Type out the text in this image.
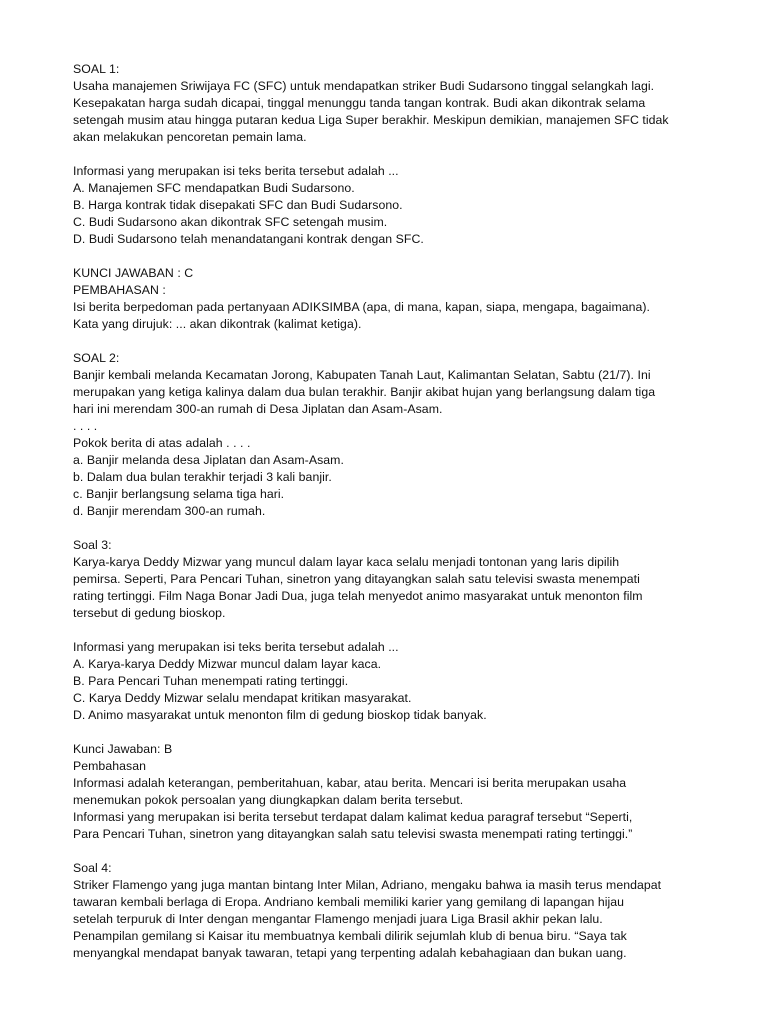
SOAL 1:
Usaha manajemen Sriwijaya FC (SFC) untuk mendapatkan striker Budi Sudarsono tinggal selangkah lagi.
Kesepakatan harga sudah dicapai, tinggal menunggu tanda tangan kontrak. Budi akan dikontrak selama
setengah musim atau hingga putaran kedua Liga Super berakhir. Meskipun demikian, manajemen SFC tidak
akan melakukan pencoretan pemain lama.
Informasi yang merupakan isi teks berita tersebut adalah ...
A. Manajemen SFC mendapatkan Budi Sudarsono.
B. Harga kontrak tidak disepakati SFC dan Budi Sudarsono.
C. Budi Sudarsono akan dikontrak SFC setengah musim.
D. Budi Sudarsono telah menandatangani kontrak dengan SFC.
KUNCI JAWABAN : C
PEMBAHASAN :
Isi berita berpedoman pada pertanyaan ADIKSIMBA (apa, di mana, kapan, siapa, mengapa, bagaimana).
Kata yang dirujuk: ... akan dikontrak (kalimat ketiga).
SOAL 2:
Banjir kembali melanda Kecamatan Jorong, Kabupaten Tanah Laut, Kalimantan Selatan, Sabtu (21/7). Ini
merupakan yang ketiga kalinya dalam dua bulan terakhir. Banjir akibat hujan yang berlangsung dalam tiga
hari ini merendam 300-an rumah di Desa Jiplatan dan Asam-Asam.
. . . .
Pokok berita di atas adalah . . . .
a. Banjir melanda desa Jiplatan dan Asam-Asam.
b. Dalam dua bulan terakhir terjadi 3 kali banjir.
c. Banjir berlangsung selama tiga hari.
d. Banjir merendam 300-an rumah.
Soal 3:
Karya-karya Deddy Mizwar yang muncul dalam layar kaca selalu menjadi tontonan yang laris dipilih
pemirsa. Seperti, Para Pencari Tuhan, sinetron yang ditayangkan salah satu televisi swasta menempati
rating tertinggi. Film Naga Bonar Jadi Dua, juga telah menyedot animo masyarakat untuk menonton film
tersebut di gedung bioskop.
Informasi yang merupakan isi teks berita tersebut adalah ...
A. Karya-karya Deddy Mizwar muncul dalam layar kaca.
B. Para Pencari Tuhan menempati rating tertinggi.
C. Karya Deddy Mizwar selalu mendapat kritikan masyarakat.
D. Animo masyarakat untuk menonton film di gedung bioskop tidak banyak.
Kunci Jawaban: B
Pembahasan
Informasi adalah keterangan, pemberitahuan, kabar, atau berita. Mencari isi berita merupakan usaha
menemukan pokok persoalan yang diungkapkan dalam berita tersebut.
Informasi yang merupakan isi berita tersebut terdapat dalam kalimat kedua paragraf tersebut “Seperti,
Para Pencari Tuhan, sinetron yang ditayangkan salah satu televisi swasta menempati rating tertinggi.”
Soal 4:
Striker Flamengo yang juga mantan bintang Inter Milan, Adriano, mengaku bahwa ia masih terus mendapat
tawaran kembali berlaga di Eropa. Andriano kembali memiliki karier yang gemilang di lapangan hijau
setelah terpuruk di Inter dengan mengantar Flamengo menjadi juara Liga Brasil akhir pekan lalu.
Penampilan gemilang si Kaisar itu membuatnya kembali dilirik sejumlah klub di benua biru. “Saya tak
menyangkal mendapat banyak tawaran, tetapi yang terpenting adalah kebahagiaan dan bukan uang.
